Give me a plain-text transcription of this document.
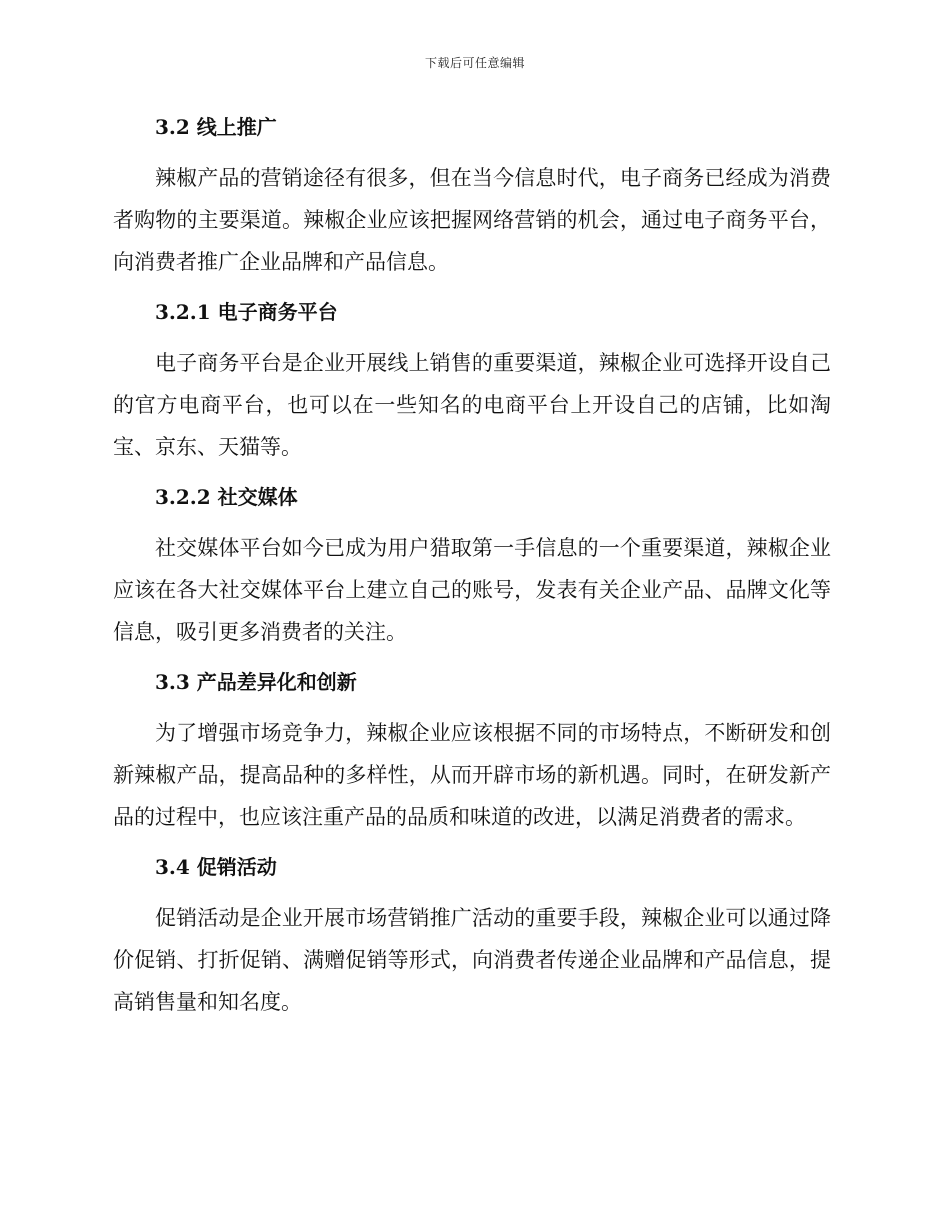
下载后可任意编辑
3.2 线上推广

辣椒产品的营销途径有很多，但在当今信息时代，电子商务已经成为消费者购物的主要渠道。辣椒企业应该把握网络营销的机会，通过电子商务平台，向消费者推广企业品牌和产品信息。

3.2.1 电子商务平台

电子商务平台是企业开展线上销售的重要渠道，辣椒企业可选择开设自己的官方电商平台，也可以在一些知名的电商平台上开设自己的店铺，比如淘宝、京东、天猫等。

3.2.2 社交媒体

社交媒体平台如今已成为用户猎取第一手信息的一个重要渠道，辣椒企业应该在各大社交媒体平台上建立自己的账号，发表有关企业产品、品牌文化等信息，吸引更多消费者的关注。

3.3 产品差异化和创新

为了增强市场竞争力，辣椒企业应该根据不同的市场特点，不断研发和创新辣椒产品，提高品种的多样性，从而开辟市场的新机遇。同时，在研发新产品的过程中，也应该注重产品的品质和味道的改进，以满足消费者的需求。

3.4 促销活动

促销活动是企业开展市场营销推广活动的重要手段，辣椒企业可以通过降价促销、打折促销、满赠促销等形式，向消费者传递企业品牌和产品信息，提高销售量和知名度。
